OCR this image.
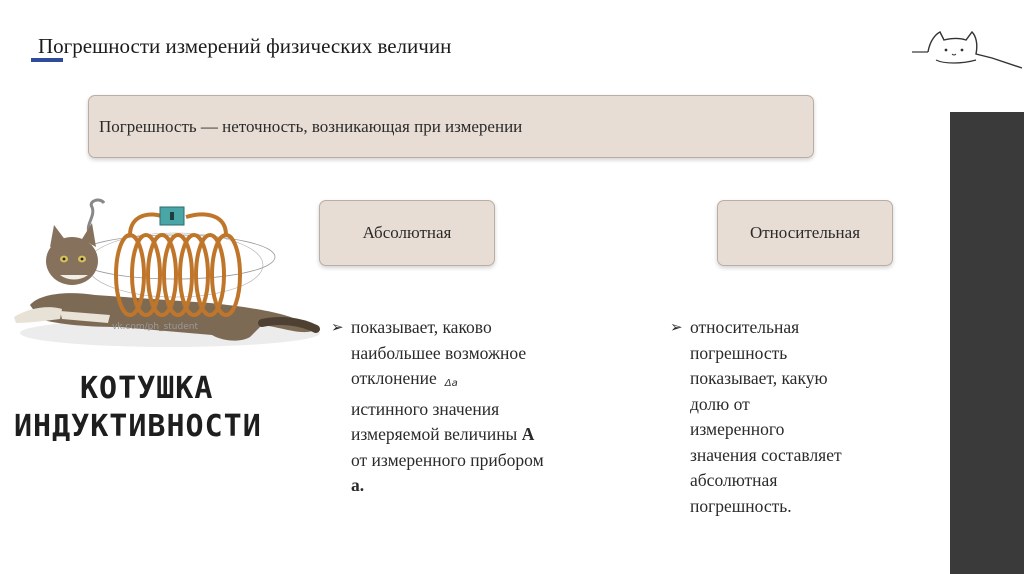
Погрешности измерений физических величин
Погрешность — неточность, возникающая при измерении
Абсолютная	Относительная
vk.com/ph_student
КОТУШКА
ИНДУКТИВНОСТИ
➢ показывает, каково
наибольшее возможное
отклонение Δa
истинного значения
измеряемой величины А
от измеренного прибором
а.
➢ относительная
погрешность
показывает, какую
долю от
измеренного
значения составляет
абсолютная
погрешность.
